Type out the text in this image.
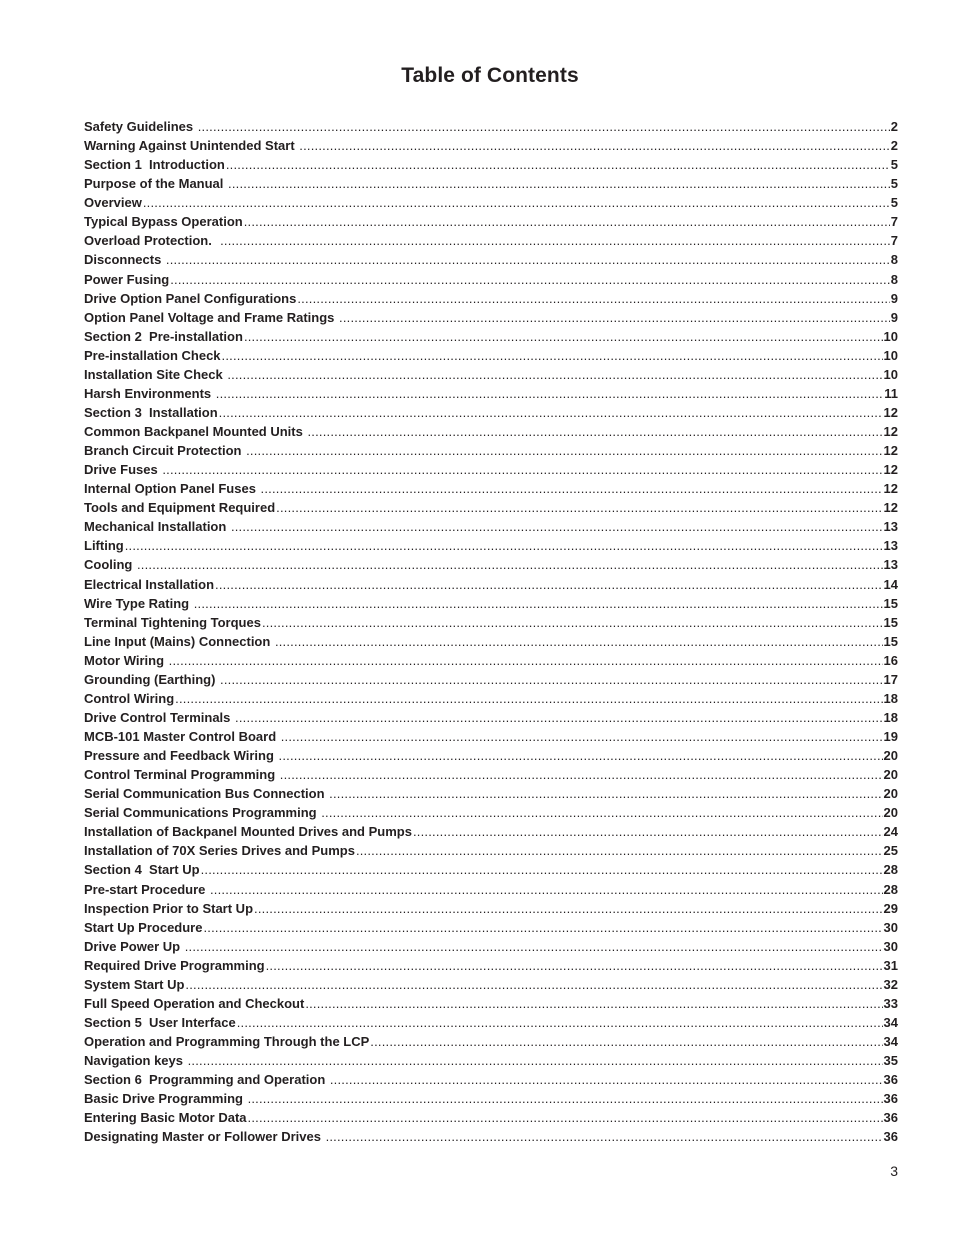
Table of Contents
Safety Guidelines .....	2
Warning Against Unintended Start .....	2
Section 1  Introduction .....	5
Purpose of the Manual .....	5
Overview .....	5
Typical Bypass Operation .....	7
Overload Protection. .....	7
Disconnects .....	8
Power Fusing .....	8
Drive Option Panel Configurations .....	9
Option Panel Voltage and Frame Ratings .....	9
Section 2  Pre-installation .....	10
Pre-installation Check .....	10
Installation Site Check .....	10
Harsh Environments .....	11
Section 3  Installation .....	12
Common Backpanel Mounted Units .....	12
Branch Circuit Protection .....	12
Drive Fuses .....	12
Internal Option Panel Fuses .....	12
Tools and Equipment Required .....	12
Mechanical Installation .....	13
Lifting .....	13
Cooling .....	13
Electrical Installation .....	14
Wire Type Rating .....	15
Terminal Tightening Torques .....	15
Line Input (Mains) Connection .....	15
Motor Wiring .....	16
Grounding (Earthing) .....	17
Control Wiring .....	18
Drive Control Terminals .....	18
MCB-101 Master Control Board .....	19
Pressure and Feedback Wiring .....	20
Control Terminal Programming .....	20
Serial Communication Bus Connection .....	20
Serial Communications Programming .....	20
Installation of Backpanel Mounted Drives and Pumps .....	24
Installation of 70X Series Drives and Pumps .....	25
Section 4  Start Up .....	28
Pre-start Procedure .....	28
Inspection Prior to Start Up .....	29
Start Up Procedure .....	30
Drive Power Up .....	30
Required Drive Programming .....	31
System Start Up .....	32
Full Speed Operation and Checkout .....	33
Section 5  User Interface .....	34
Operation and Programming Through the LCP .....	34
Navigation keys .....	35
Section 6  Programming and Operation .....	36
Basic Drive Programming .....	36
Entering Basic Motor Data .....	36
Designating Master or Follower Drives .....	36
3
